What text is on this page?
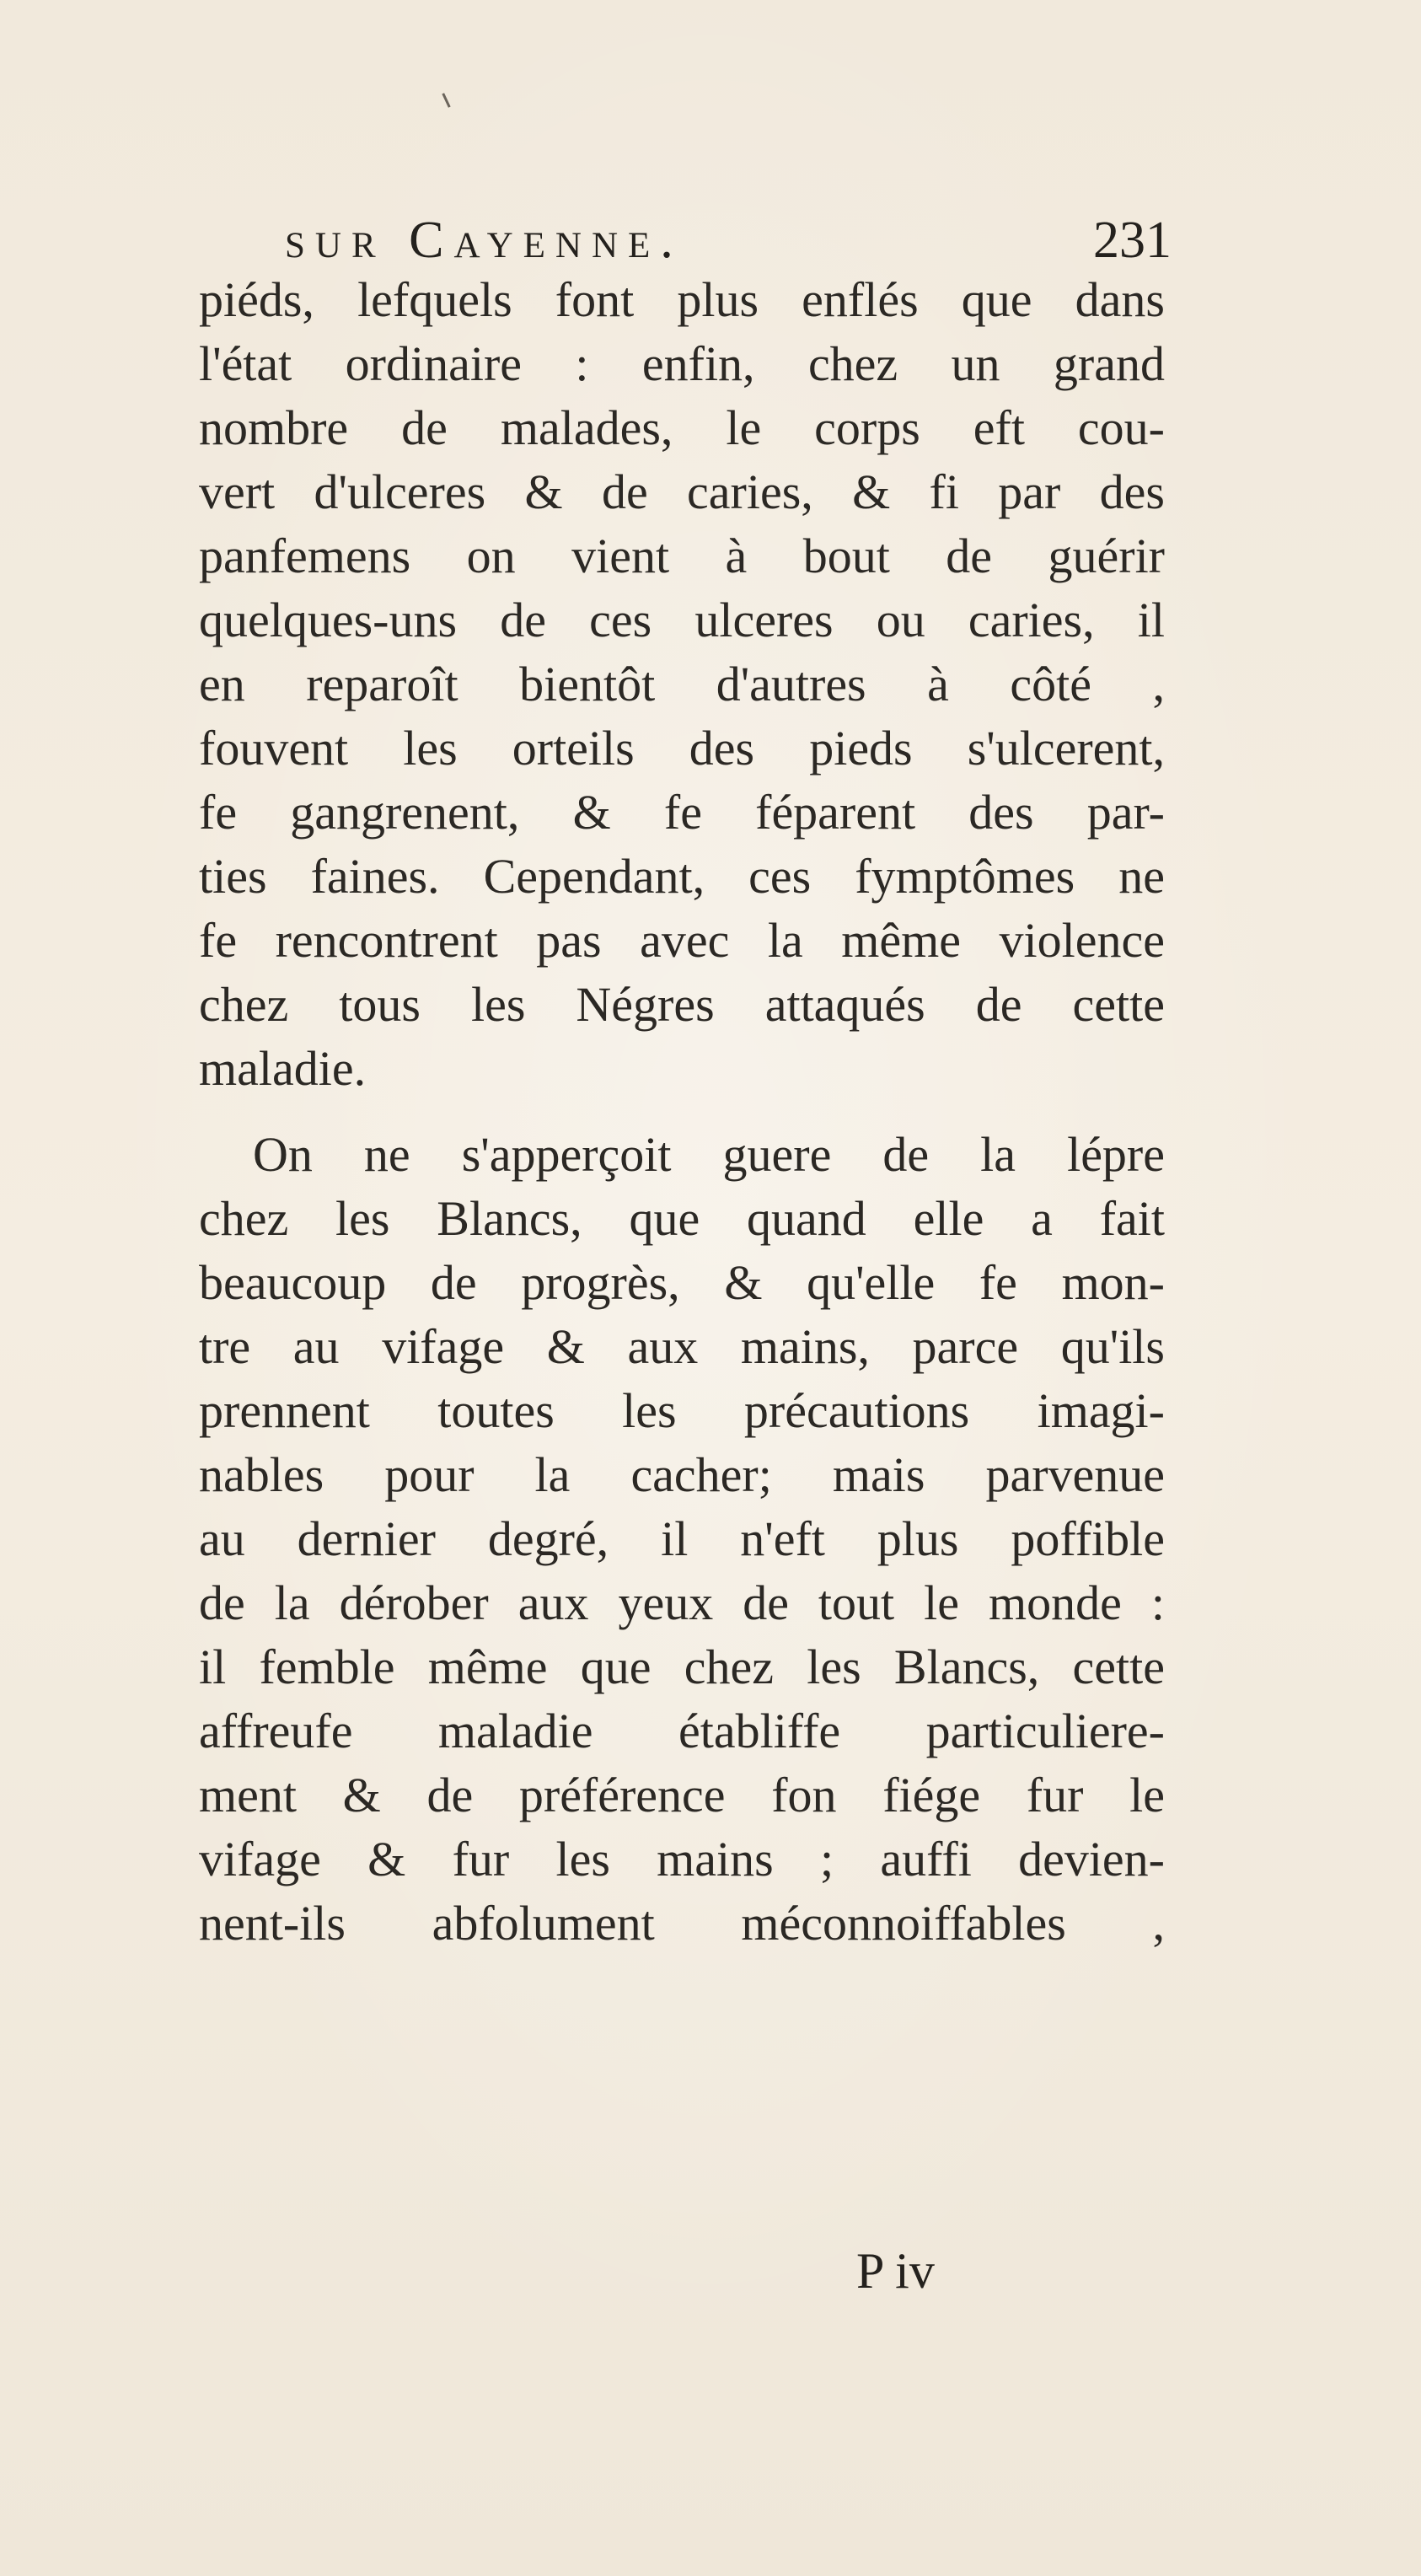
sur Cayenne.	231
piéds, lefquels font plus enflés que dans
l'état ordinaire : enfin, chez un grand
nombre de malades, le corps eft cou-
vert d'ulceres & de caries, & fi par des
panfemens on vient à bout de guérir
quelques-uns de ces ulceres ou caries, il
en reparoît bientôt d'autres à côté ,
fouvent les orteils des pieds s'ulcerent,
fe gangrenent, & fe féparent des par-
ties faines. Cependant, ces fymptômes ne
fe rencontrent pas avec la même violence
chez tous les Négres attaqués de cette
maladie.
On ne s'apperçoit guere de la lépre
chez les Blancs, que quand elle a fait
beaucoup de progrès, & qu'elle fe mon-
tre au vifage & aux mains, parce qu'ils
prennent toutes les précautions imagi-
nables pour la cacher; mais parvenue
au dernier degré, il n'eft plus poffible
de la dérober aux yeux de tout le monde :
il femble même que chez les Blancs, cette
affreufe maladie établiffe particuliere-
ment & de préférence fon fiége fur le
vifage & fur les mains ; auffi devien-
nent-ils abfolument méconnoiffables ,
P iv
